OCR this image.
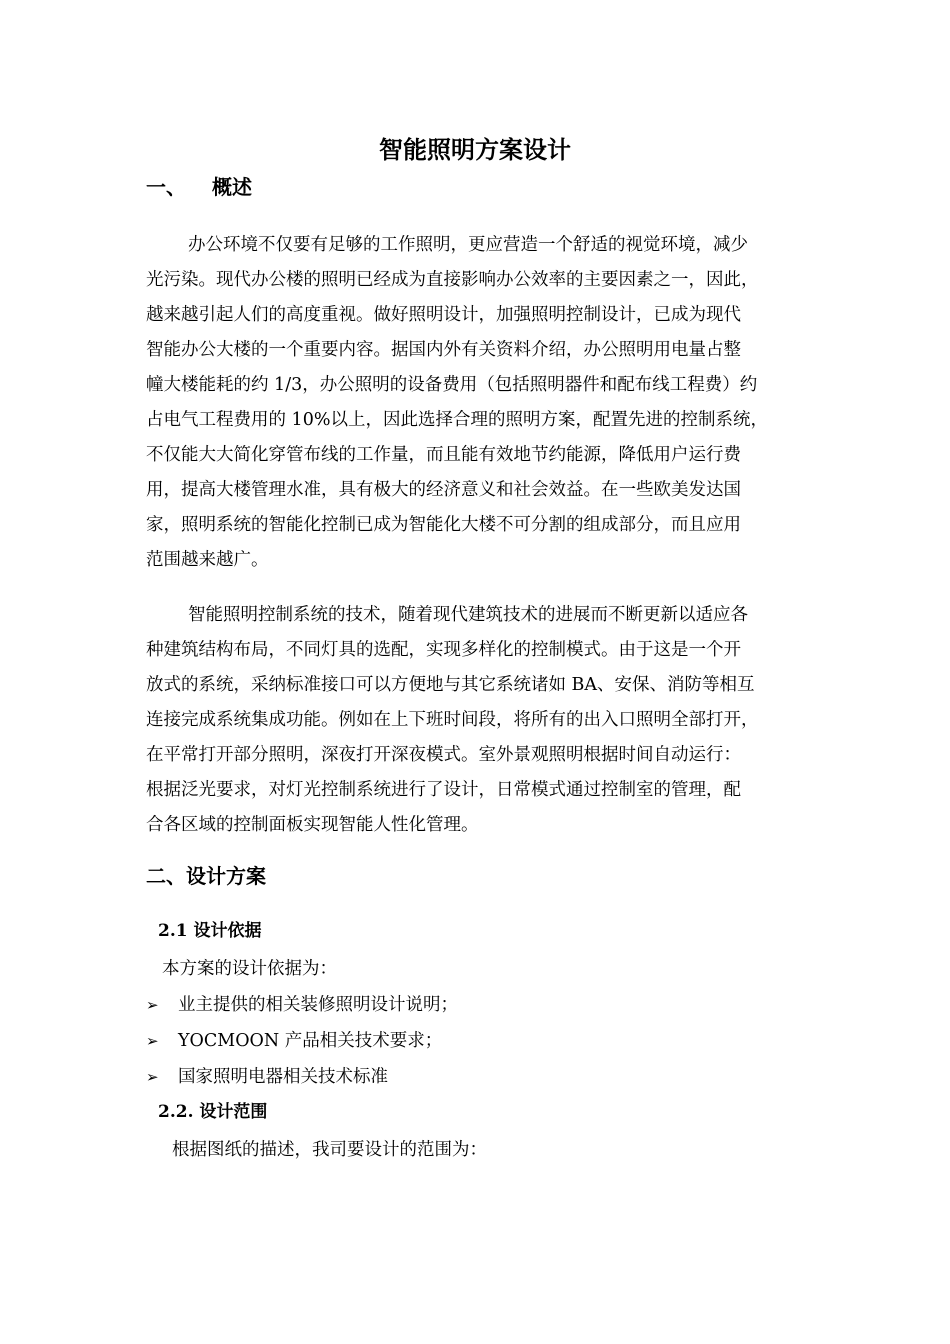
智能照明方案设计
一、 概述
办公环境不仅要有足够的工作照明，更应营造一个舒适的视觉环境，减少
光污染。现代办公楼的照明已经成为直接影响办公效率的主要因素之一，因此，
越来越引起人们的高度重视。做好照明设计，加强照明控制设计，已成为现代
智能办公大楼的一个重要内容。据国内外有关资料介绍，办公照明用电量占整
幢大楼能耗的约 1/3，办公照明的设备费用（包括照明器件和配布线工程费）约
占电气工程费用的 10%以上，因此选择合理的照明方案，配置先进的控制系统，
不仅能大大简化穿管布线的工作量，而且能有效地节约能源，降低用户运行费
用，提高大楼管理水准，具有极大的经济意义和社会效益。在一些欧美发达国
家，照明系统的智能化控制已成为智能化大楼不可分割的组成部分，而且应用
范围越来越广。
智能照明控制系统的技术，随着现代建筑技术的进展而不断更新以适应各
种建筑结构布局，不同灯具的选配，实现多样化的控制模式。由于这是一个开
放式的系统，采纳标准接口可以方便地与其它系统诸如 BA、安保、消防等相互
连接完成系统集成功能。例如在上下班时间段，将所有的出入口照明全部打开，
在平常打开部分照明，深夜打开深夜模式。室外景观照明根据时间自动运行：
根据泛光要求，对灯光控制系统进行了设计，日常模式通过控制室的管理，配
合各区域的控制面板实现智能人性化管理。
二、设计方案
2.1 设计依据
本方案的设计依据为：
➢ 业主提供的相关装修照明设计说明；
➢ YOCMOON 产品相关技术要求；
➢ 国家照明电器相关技术标准
2.2. 设计范围
根据图纸的描述，我司要设计的范围为：
